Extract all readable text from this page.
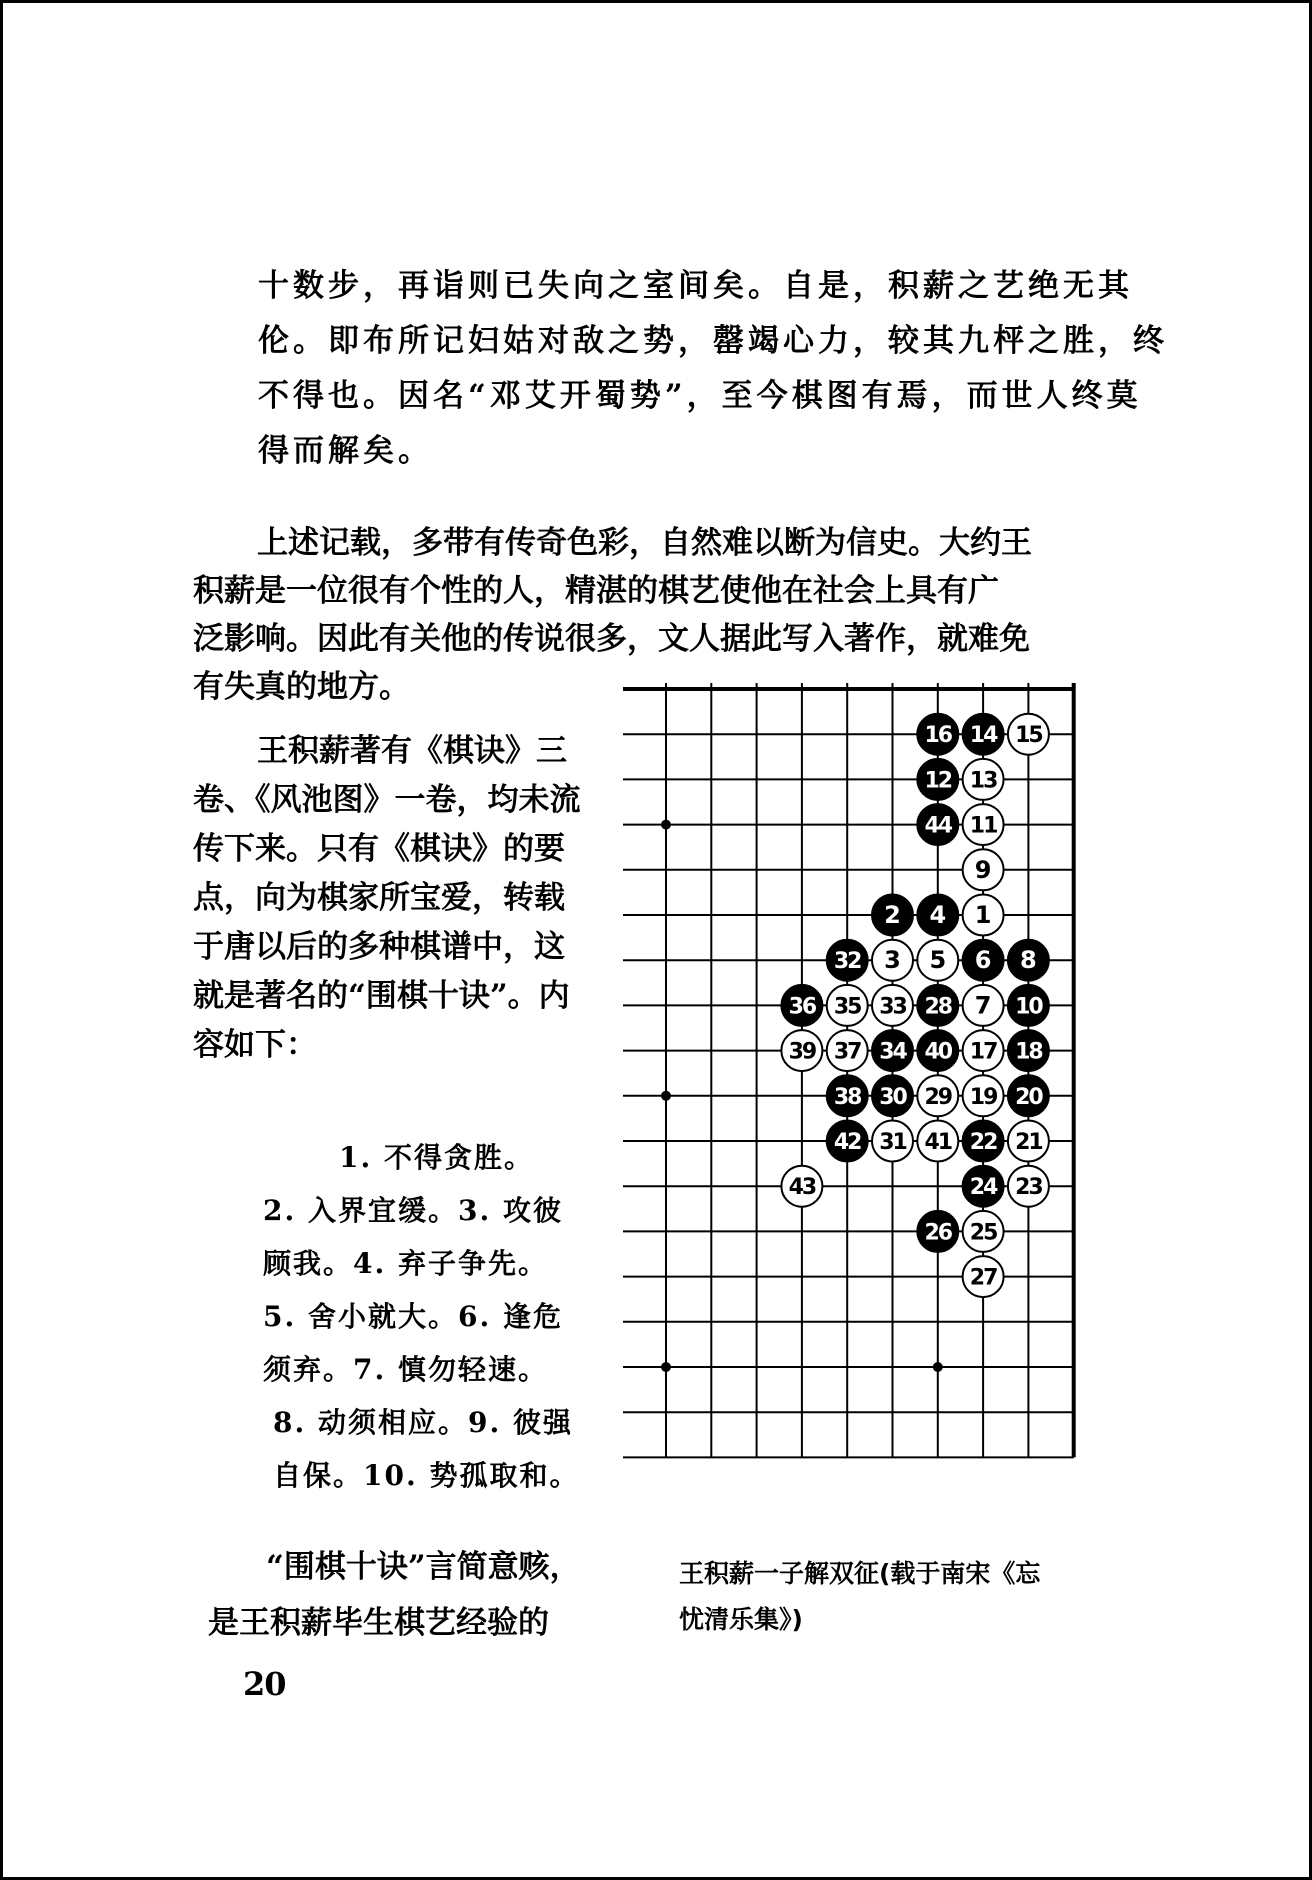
十数步，再诣则已失向之室间矣。自是，积薪之艺绝无其

伦。即布所记妇姑对敌之势，罄竭心力，较其九枰之胜，终

不得也。因名“邓艾开蜀势”，至今棋图有焉，而世人终莫

得而解矣。

上述记载，多带有传奇色彩，自然难以断为信史。大约王

积薪是一位很有个性的人，精湛的棋艺使他在社会上具有广

泛影响。因此有关他的传说很多，文人据此写入著作，就难免

有失真的地方。

王积薪著有《棋诀》三

卷、《风池图》一卷，均未流

传下来。只有《棋诀》的要

点，向为棋家所宝爱，转载

于唐以后的多种棋谱中，这

就是著名的“围棋十诀”。内

容如下：

1. 不得贪胜。

2. 入界宜缓。3. 攻彼

顾我。4. 弃子争先。

5. 舍小就大。6. 逢危

须弃。7. 慎勿轻速。

8. 动须相应。9. 彼强

自保。10. 势孤取和。

“围棋十诀”言简意赅，

是王积薪毕生棋艺经验的

16 14 15
12 13
44 11
9
2 4 1
32 3 5 6 8
36 35 33 28 7 10
39 37 34 40 17 18
38 30 29 19 20
42 31 41 22 21
43	24 23
26 25
27

王积薪一子解双征(载于南宋《忘

忧清乐集》)

20
